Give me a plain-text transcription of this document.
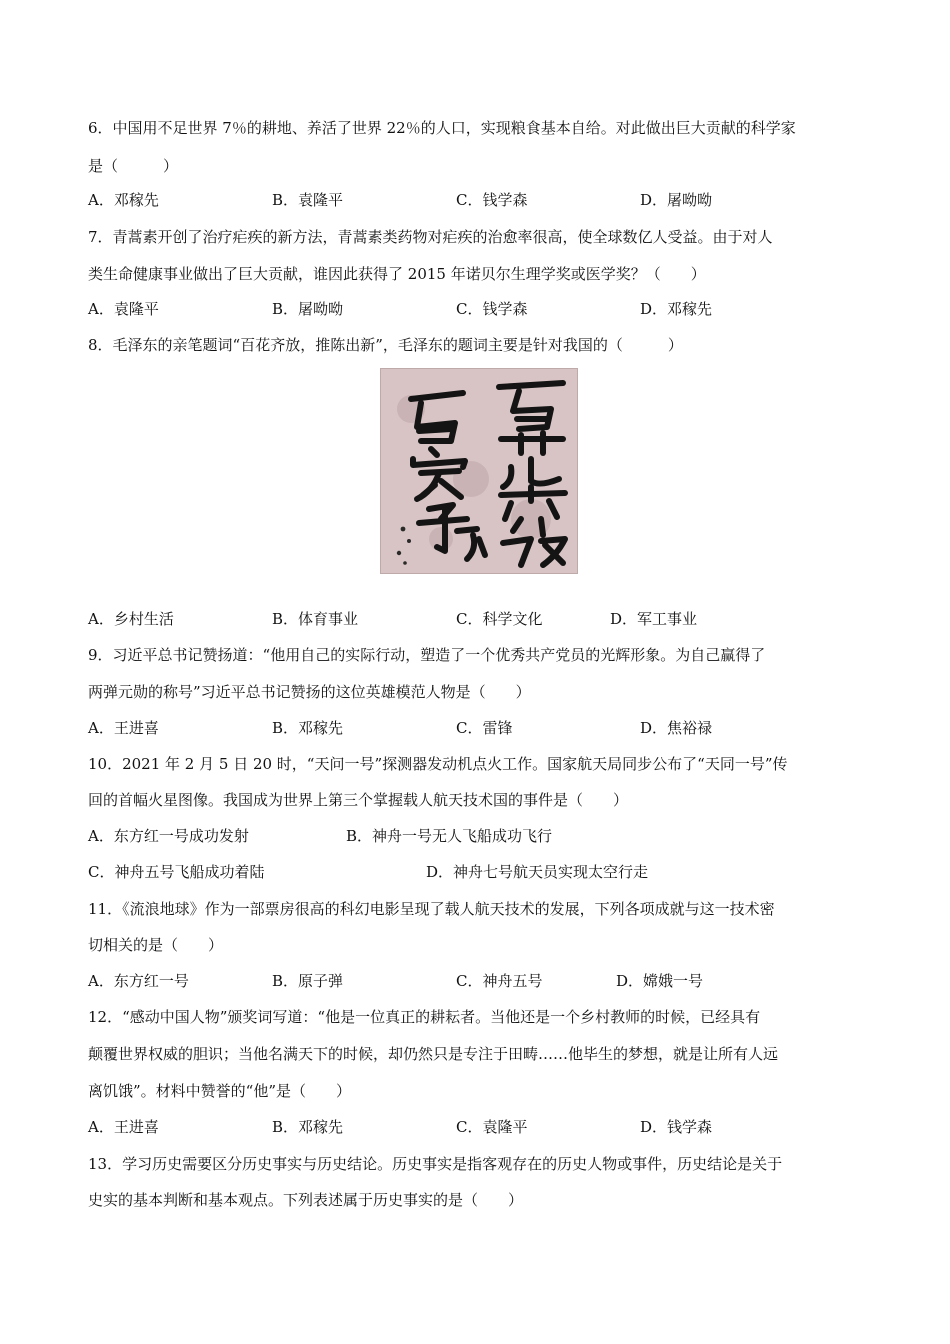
6．中国用不足世界 7％的耕地、养活了世界 22％的人口，实现粮食基本自给。对此做出巨大贡献的科学家
是（　　　）
A．邓稼先	B．袁隆平	C．钱学森	D．屠呦呦
7．青蒿素开创了治疗疟疾的新方法，青蒿素类药物对疟疾的治愈率很高，使全球数亿人受益。由于对人
类生命健康事业做出了巨大贡献，谁因此获得了 2015 年诺贝尔生理学奖或医学奖？（　　）
A．袁隆平	B．屠呦呦	C．钱学森	D．邓稼先
8．毛泽东的亲笔题词“百花齐放，推陈出新”，毛泽东的题词主要是针对我国的（　　　）
A．乡村生活	B．体育事业	C．科学文化	D．军工事业
9．习近平总书记赞扬道：“他用自己的实际行动，塑造了一个优秀共产党员的光辉形象。为自己赢得了
两弹元勋的称号”习近平总书记赞扬的这位英雄模范人物是（　　）
A．王进喜	B．邓稼先	C．雷锋	D．焦裕禄
10．2021 年 2 月 5 日 20 时，“天问一号”探测器发动机点火工作。国家航天局同步公布了“天同一号”传
回的首幅火星图像。我国成为世界上第三个掌握载人航天技术国的事件是（　　）
A．东方红一号成功发射	B．神舟一号无人飞船成功飞行
C．神舟五号飞船成功着陆	D．神舟七号航天员实现太空行走
11．《流浪地球》作为一部票房很高的科幻电影呈现了载人航天技术的发展，下列各项成就与这一技术密
切相关的是（　　）
A．东方红一号	B．原子弹	C．神舟五号	D．嫦娥一号
12．“感动中国人物”颁奖词写道：“他是一位真正的耕耘者。当他还是一个乡村教师的时候，已经具有
颠覆世界权威的胆识；当他名满天下的时候，却仍然只是专注于田畴……他毕生的梦想，就是让所有人远
离饥饿”。材料中赞誉的“他”是（　　）
A．王进喜	B．邓稼先	C．袁隆平	D．钱学森
13．学习历史需要区分历史事实与历史结论。历史事实是指客观存在的历史人物或事件，历史结论是关于
史实的基本判断和基本观点。下列表述属于历史事实的是（　　）
